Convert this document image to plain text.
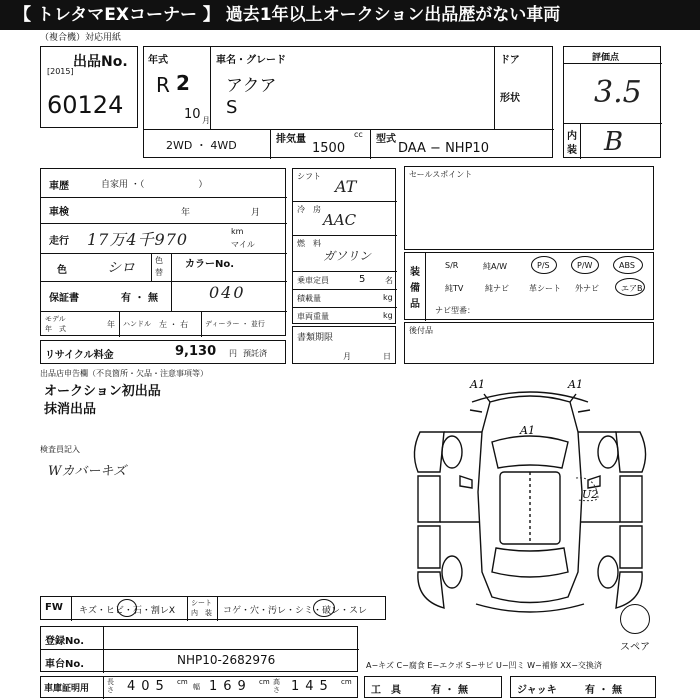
【 トレタマEXコーナー 】 過去1年以上オークション出品歴がない車両
（複合機）対応用紙
出品No.
[2015]
60124
年式
R 2
10 月
車名・グレード
アクア
S
ドア
形状
2WD ・ 4WD	排気量	cc
1500
型式
DAA − NHP10
評価点
3.5
内
装 B
車歴	自家用 ・（　　　　　　）
車検	年	月
走行 17万4千970	km
マイル
色	シロ	色
替
カラーNo.
040
保証書	有 ・ 無
モデル
年　式	年 ハンドル 左 ・ 右 ディーラー ・ 並行
リサイクル料金	9,130 円 預託済
シフト
AT
冷　房
AAC
燃　料
ガソリン
乗車定員	5 名
積載量	kg
車両重量	kg
書類期限
月	日
セールスポイント
装
備
品
S/R	純A/W	P/S	P/W	ABS
純TV	純ナビ	革シート 外ナビ	エアB
ナビ型番：
後付品
出品店申告欄（不良箇所・欠品・注意事項等）
オークション初出品
抹消出品
検査員記入
Wカバーキズ
A1	A1
A1
U2
FW キズ・ヒビ・石・割レX
シート
内　装 コゲ・穴・汚レ・シミ・破レ・スレ
登録No.
車台No.	NHP10-2682976
スペア
A−キズ C−腐食 E−エクボ S−サビ U−凹ミ W−補修 XX−交換済
車庫証明用
長さ 405 cm
幅 169 cm 高さ 145 cm
工　具	有 ・ 無	ジャッキ	有 ・ 無
